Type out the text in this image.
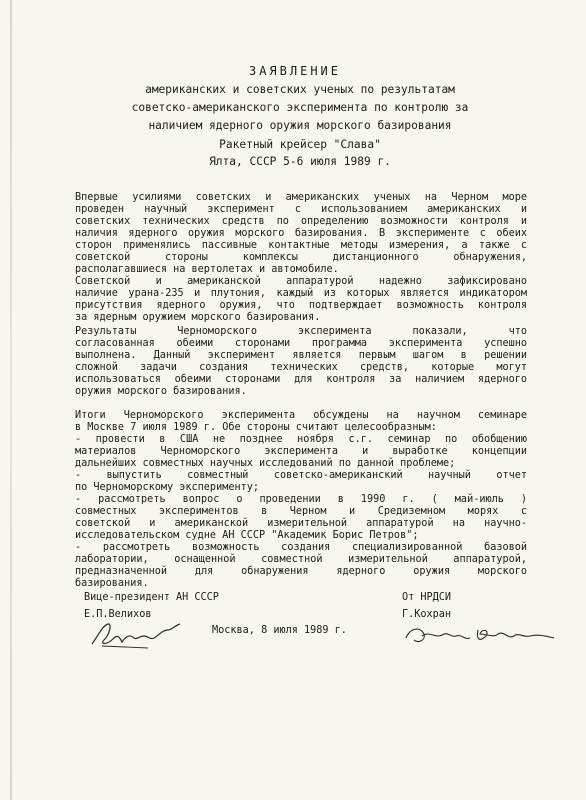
ЗАЯВЛЕНИЕ
американских и советских ученых по результатам
советско-американского эксперимента по контролю за
наличием ядерного оружия морского базирования
Ракетный крейсер "Слава"
Ялта, СССР 5-6 июля 1989 г.

Впервые усилиями советских и американских ученых на Черном море

проведен научный эксперимент с использованием американских и

советских технических средств по определению возможности контроля и

наличия ядерного оружия морского базирования. В эксперименте с обеих

сторон применялись пассивные контактные методы измерения, а также с

советской стороны комплексы дистанционного обнаружения,

располагавшиеся на вертолетах и автомобиле.

Советской и американской аппаратурой надежно зафиксировано

наличие урана-235 и плутония, каждый из которых является индикатором

присутствия ядерного оружия, что подтверждает возможность контроля

за ядерным оружием морского базирования.

Результаты Черноморского эксперимента показали, что

согласованная обеими сторонами программа эксперимента успешно

выполнена. Данный эксперимент является первым шагом в решении

сложной задачи создания технических средств, которые могут

использоваться обеими сторонами для контроля за наличием ядерного

оружия морского базирования.

Итоги Черноморского эксперимента обсуждены на научном семинаре

в Москве 7 июля 1989 г. Обе стороны считают целесообразным:

- провести в США не позднее ноября с.г. семинар по обобщению

материалов Черноморского эксперимента и выработке концепции

дальнейших совместных научных исследований по данной проблеме;

- выпустить совместный советско-американский научный отчет

по Черноморскому эксперименту;

- рассмотреть вопрос о проведении в 1990 г. ( май-июль )

совместных экспериментов в Черном и Средиземном морях с

советской и американской измерительной аппаратурой на научно-

исследовательском судне АН СССР "Академик Борис Петров";

- рассмотреть возможность создания специализированной базовой

лаборатории, оснащенной совместной измерительной аппаратурой,

предназначенной для обнаружения ядерного оружия морского

базирования.

Вице-президент АН СССР
Е.П.Велихов
От НРДСИ
Г.Кохран
Москва, 8 июля 1989 г.
